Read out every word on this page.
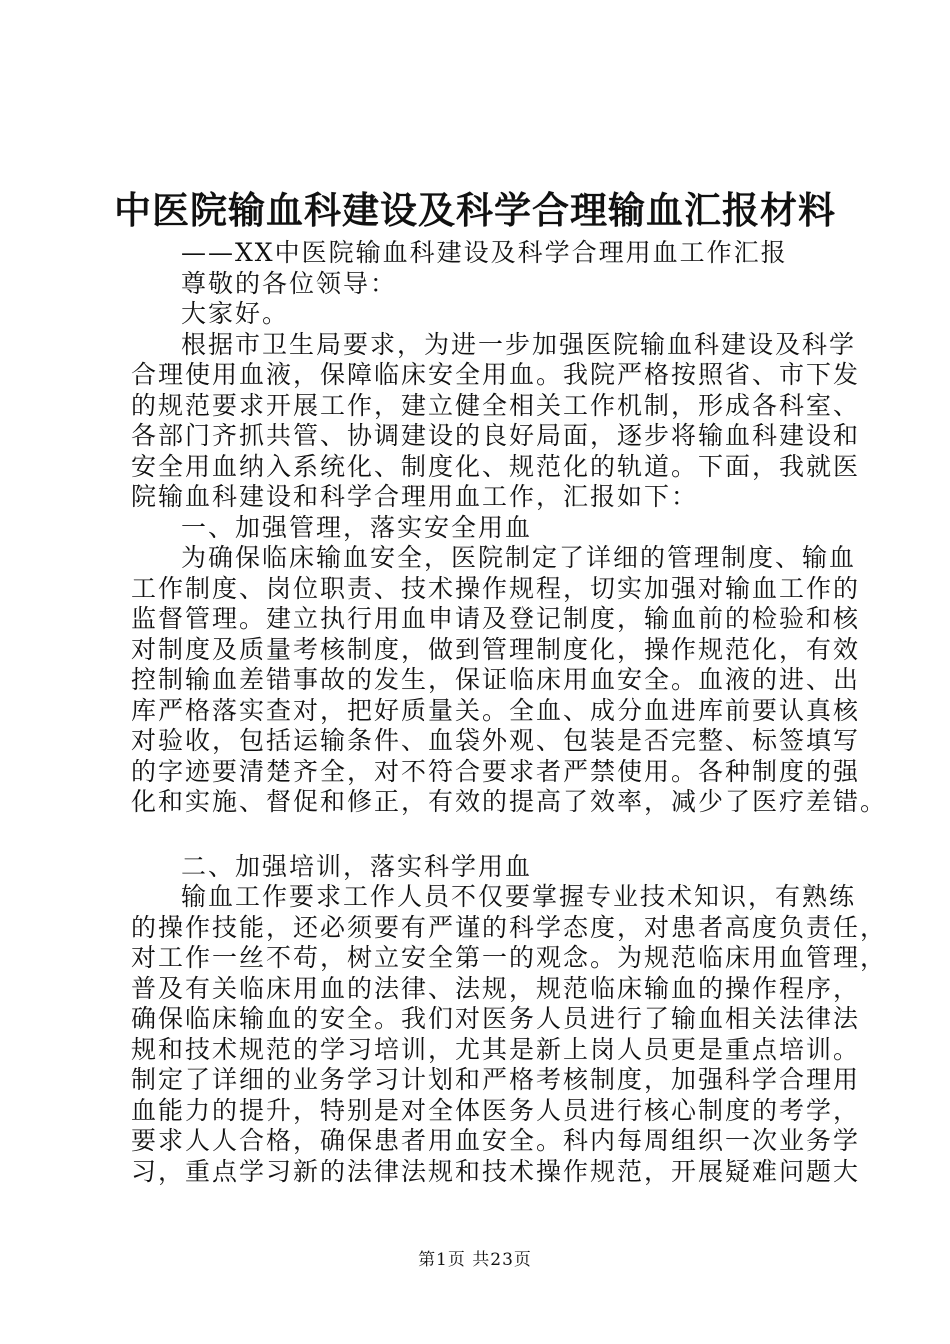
中医院输血科建设及科学合理输血汇报材料

——XX中医院输血科建设及科学合理用血工作汇报

尊敬的各位领导：

大家好。

根据市卫生局要求，为进一步加强医院输血科建设及科学

合理使用血液，保障临床安全用血。我院严格按照省、市下发

的规范要求开展工作，建立健全相关工作机制，形成各科室、

各部门齐抓共管、协调建设的良好局面，逐步将输血科建设和

安全用血纳入系统化、制度化、规范化的轨道。下面，我就医

院输血科建设和科学合理用血工作，汇报如下：

一、加强管理，落实安全用血

为确保临床输血安全，医院制定了详细的管理制度、输血

工作制度、岗位职责、技术操作规程，切实加强对输血工作的

监督管理。建立执行用血申请及登记制度，输血前的检验和核

对制度及质量考核制度，做到管理制度化，操作规范化，有效

控制输血差错事故的发生，保证临床用血安全。血液的进、出

库严格落实查对，把好质量关。全血、成分血进库前要认真核

对验收，包括运输条件、血袋外观、包装是否完整、标签填写

的字迹要清楚齐全，对不符合要求者严禁使用。各种制度的强

化和实施、督促和修正，有效的提高了效率，减少了医疗差错。

二、加强培训，落实科学用血

输血工作要求工作人员不仅要掌握专业技术知识，有熟练

的操作技能，还必须要有严谨的科学态度，对患者高度负责任，

对工作一丝不苟，树立安全第一的观念。为规范临床用血管理，

普及有关临床用血的法律、法规，规范临床输血的操作程序，

确保临床输血的安全。我们对医务人员进行了输血相关法律法

规和技术规范的学习培训，尤其是新上岗人员更是重点培训。

制定了详细的业务学习计划和严格考核制度，加强科学合理用

血能力的提升，特别是对全体医务人员进行核心制度的考学，

要求人人合格，确保患者用血安全。科内每周组织一次业务学

习，重点学习新的法律法规和技术操作规范，开展疑难问题大

第1页 共23页
